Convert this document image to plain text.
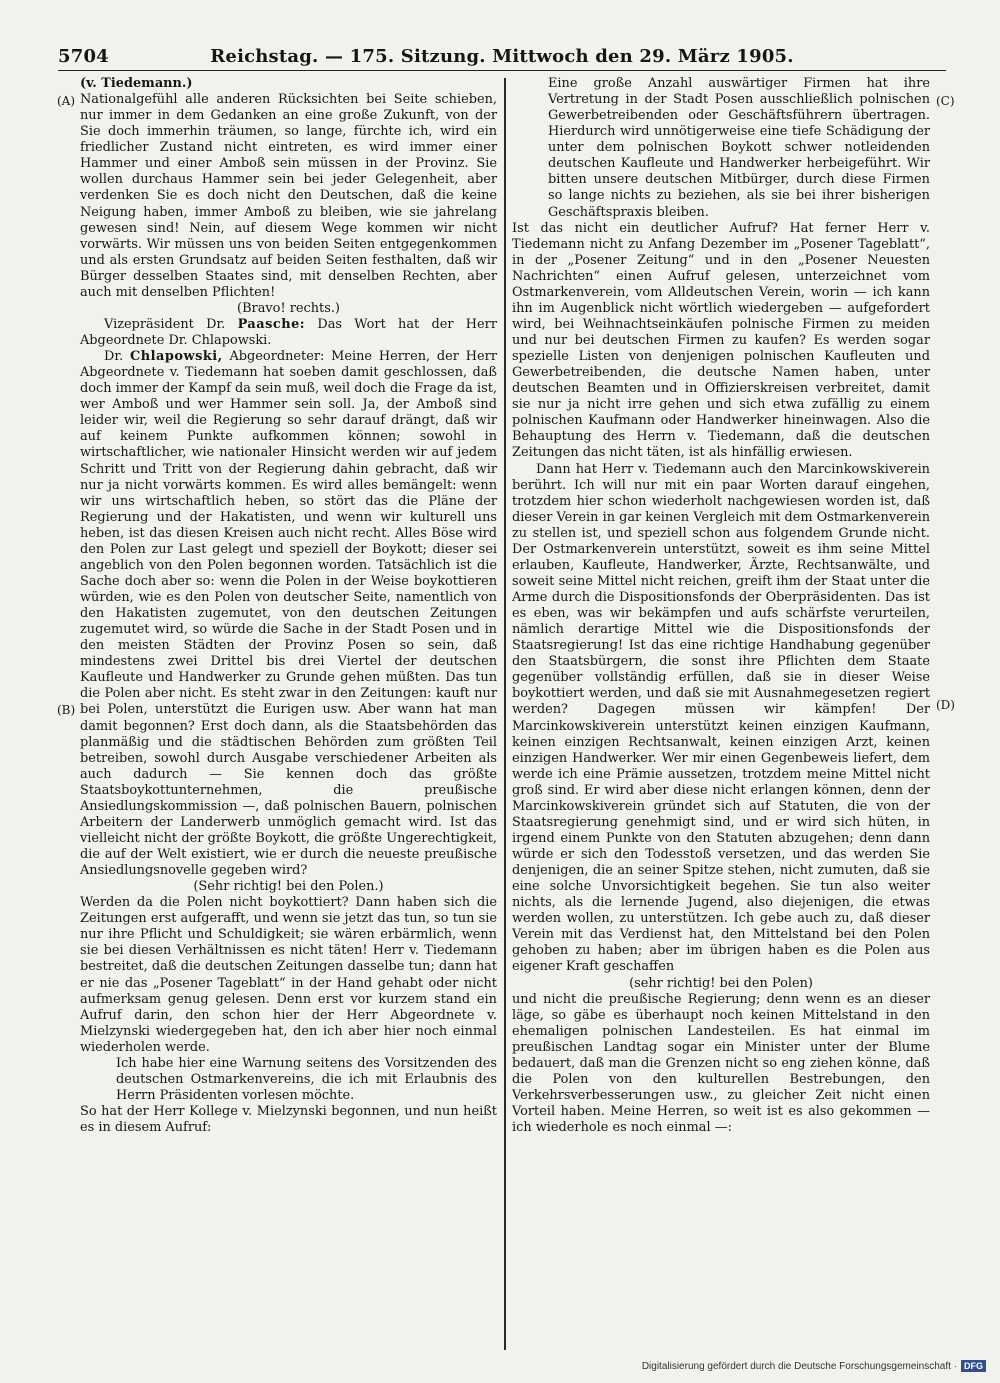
5704	Reichstag. — 175. Sitzung. Mittwoch den 29. März 1905.
(A)
(B)
(C)
(D)

(v. Tiedemann.)

Nationalgefühl alle anderen Rücksichten bei Seite schieben, nur immer in dem Gedanken an eine große Zukunft, von der Sie doch immerhin träumen, so lange, fürchte ich, wird ein friedlicher Zustand nicht eintreten, es wird immer einer Hammer und einer Amboß sein müssen in der Provinz. Sie wollen durchaus Hammer sein bei jeder Gelegenheit, aber verdenken Sie es doch nicht den Deutschen, daß die keine Neigung haben, immer Amboß zu bleiben, wie sie jahrelang gewesen sind! Nein, auf diesem Wege kommen wir nicht vorwärts. Wir müssen uns von beiden Seiten entgegenkommen und als ersten Grundsatz auf beiden Seiten festhalten, daß wir Bürger desselben Staates sind, mit denselben Rechten, aber auch mit denselben Pflichten!

(Bravo! rechts.)

Vizepräsident Dr. Paasche: Das Wort hat der Herr Abgeordnete Dr. Chlapowski.

Dr. Chlapowski, Abgeordneter: Meine Herren, der Herr Abgeordnete v. Tiedemann hat soeben damit geschlossen, daß doch immer der Kampf da sein muß, weil doch die Frage da ist, wer Amboß und wer Hammer sein soll. Ja, der Amboß sind leider wir, weil die Regierung so sehr darauf drängt, daß wir auf keinem Punkte aufkommen können; sowohl in wirtschaftlicher, wie nationaler Hinsicht werden wir auf jedem Schritt und Tritt von der Regierung dahin gebracht, daß wir nur ja nicht vorwärts kommen. Es wird alles bemängelt: wenn wir uns wirtschaftlich heben, so stört das die Pläne der Regierung und der Hakatisten, und wenn wir kulturell uns heben, ist das diesen Kreisen auch nicht recht. Alles Böse wird den Polen zur Last gelegt und speziell der Boykott; dieser sei angeblich von den Polen begonnen worden. Tatsächlich ist die Sache doch aber so: wenn die Polen in der Weise boykottieren würden, wie es den Polen von deutscher Seite, namentlich von den Hakatisten zugemutet, von den deutschen Zeitungen zugemutet wird, so würde die Sache in der Stadt Posen und in den meisten Städten der Provinz Posen so sein, daß mindestens zwei Drittel bis drei Viertel der deutschen Kaufleute und Handwerker zu Grunde gehen müßten. Das tun die Polen aber nicht. Es steht zwar in den Zeitungen: kauft nur bei Polen, unterstützt die Eurigen usw. Aber wann hat man damit begonnen? Erst doch dann, als die Staatsbehörden das planmäßig und die städtischen Behörden zum größten Teil betreiben, sowohl durch Ausgabe verschiedener Arbeiten als auch dadurch — Sie kennen doch das größte Staatsboykottunternehmen, die preußische Ansiedlungskommission —, daß polnischen Bauern, polnischen Arbeitern der Landerwerb unmöglich gemacht wird. Ist das vielleicht nicht der größte Boykott, die größte Ungerechtigkeit, die auf der Welt existiert, wie er durch die neueste preußische Ansiedlungsnovelle gegeben wird?

(Sehr richtig! bei den Polen.)

Werden da die Polen nicht boykottiert? Dann haben sich die Zeitungen erst aufgerafft, und wenn sie jetzt das tun, so tun sie nur ihre Pflicht und Schuldigkeit; sie wären erbärmlich, wenn sie bei diesen Verhältnissen es nicht täten! Herr v. Tiedemann bestreitet, daß die deutschen Zeitungen dasselbe tun; dann hat er nie das „Posener Tageblatt“ in der Hand gehabt oder nicht aufmerksam genug gelesen. Denn erst vor kurzem stand ein Aufruf darin, den schon hier der Herr Abgeordnete v. Mielzynski wiedergegeben hat, den ich aber hier noch einmal wiederholen werde.

Ich habe hier eine Warnung seitens des Vorsitzenden des deutschen Ostmarkenvereins, die ich mit Erlaubnis des Herrn Präsidenten vorlesen möchte.

So hat der Herr Kollege v. Mielzynski begonnen, und nun heißt es in diesem Aufruf:

Eine große Anzahl auswärtiger Firmen hat ihre Vertretung in der Stadt Posen ausschließlich polnischen Gewerbetreibenden oder Geschäftsführern übertragen. Hierdurch wird unnötigerweise eine tiefe Schädigung der unter dem polnischen Boykott schwer notleidenden deutschen Kaufleute und Handwerker herbeigeführt. Wir bitten unsere deutschen Mitbürger, durch diese Firmen so lange nichts zu beziehen, als sie bei ihrer bisherigen Geschäftspraxis bleiben.

Ist das nicht ein deutlicher Aufruf? Hat ferner Herr v. Tiedemann nicht zu Anfang Dezember im „Posener Tageblatt“, in der „Posener Zeitung“ und in den „Posener Neuesten Nachrichten“ einen Aufruf gelesen, unterzeichnet vom Ostmarkenverein, vom Alldeutschen Verein, worin — ich kann ihn im Augenblick nicht wörtlich wiedergeben — aufgefordert wird, bei Weihnachtseinkäufen polnische Firmen zu meiden und nur bei deutschen Firmen zu kaufen? Es werden sogar spezielle Listen von denjenigen polnischen Kaufleuten und Gewerbetreibenden, die deutsche Namen haben, unter deutschen Beamten und in Offizierskreisen verbreitet, damit sie nur ja nicht irre gehen und sich etwa zufällig zu einem polnischen Kaufmann oder Handwerker hineinwagen. Also die Behauptung des Herrn v. Tiedemann, daß die deutschen Zeitungen das nicht täten, ist als hinfällig erwiesen.

Dann hat Herr v. Tiedemann auch den Marcinkowskiverein berührt. Ich will nur mit ein paar Worten darauf eingehen, trotzdem hier schon wiederholt nachgewiesen worden ist, daß dieser Verein in gar keinen Vergleich mit dem Ostmarkenverein zu stellen ist, und speziell schon aus folgendem Grunde nicht. Der Ostmarkenverein unterstützt, soweit es ihm seine Mittel erlauben, Kaufleute, Handwerker, Ärzte, Rechtsanwälte, und soweit seine Mittel nicht reichen, greift ihm der Staat unter die Arme durch die Dispositionsfonds der Oberpräsidenten. Das ist es eben, was wir bekämpfen und aufs schärfste verurteilen, nämlich derartige Mittel wie die Dispositionsfonds der Staatsregierung! Ist das eine richtige Handhabung gegenüber den Staatsbürgern, die sonst ihre Pflichten dem Staate gegenüber vollständig erfüllen, daß sie in dieser Weise boykottiert werden, und daß sie mit Ausnahmegesetzen regiert werden? Dagegen müssen wir kämpfen! Der Marcinkowskiverein unterstützt keinen einzigen Kaufmann, keinen einzigen Rechtsanwalt, keinen einzigen Arzt, keinen einzigen Handwerker. Wer mir einen Gegenbeweis liefert, dem werde ich eine Prämie aussetzen, trotzdem meine Mittel nicht groß sind. Er wird aber diese nicht erlangen können, denn der Marcinkowskiverein gründet sich auf Statuten, die von der Staatsregierung genehmigt sind, und er wird sich hüten, in irgend einem Punkte von den Statuten abzugehen; denn dann würde er sich den Todesstoß versetzen, und das werden Sie denjenigen, die an seiner Spitze stehen, nicht zumuten, daß sie eine solche Unvorsichtigkeit begehen. Sie tun also weiter nichts, als die lernende Jugend, also diejenigen, die etwas werden wollen, zu unterstützen. Ich gebe auch zu, daß dieser Verein mit das Verdienst hat, den Mittelstand bei den Polen gehoben zu haben; aber im übrigen haben es die Polen aus eigener Kraft geschaffen

(sehr richtig! bei den Polen)

und nicht die preußische Regierung; denn wenn es an dieser läge, so gäbe es überhaupt noch keinen Mittelstand in den ehemaligen polnischen Landesteilen. Es hat einmal im preußischen Landtag sogar ein Minister unter der Blume bedauert, daß man die Grenzen nicht so eng ziehen könne, daß die Polen von den kulturellen Bestrebungen, den Verkehrsverbesserungen usw., zu gleicher Zeit nicht einen Vorteil haben. Meine Herren, so weit ist es also gekommen — ich wiederhole es noch einmal —:

Digitalisierung gefördert durch die Deutsche Forschungsgemeinschaft · DFG
